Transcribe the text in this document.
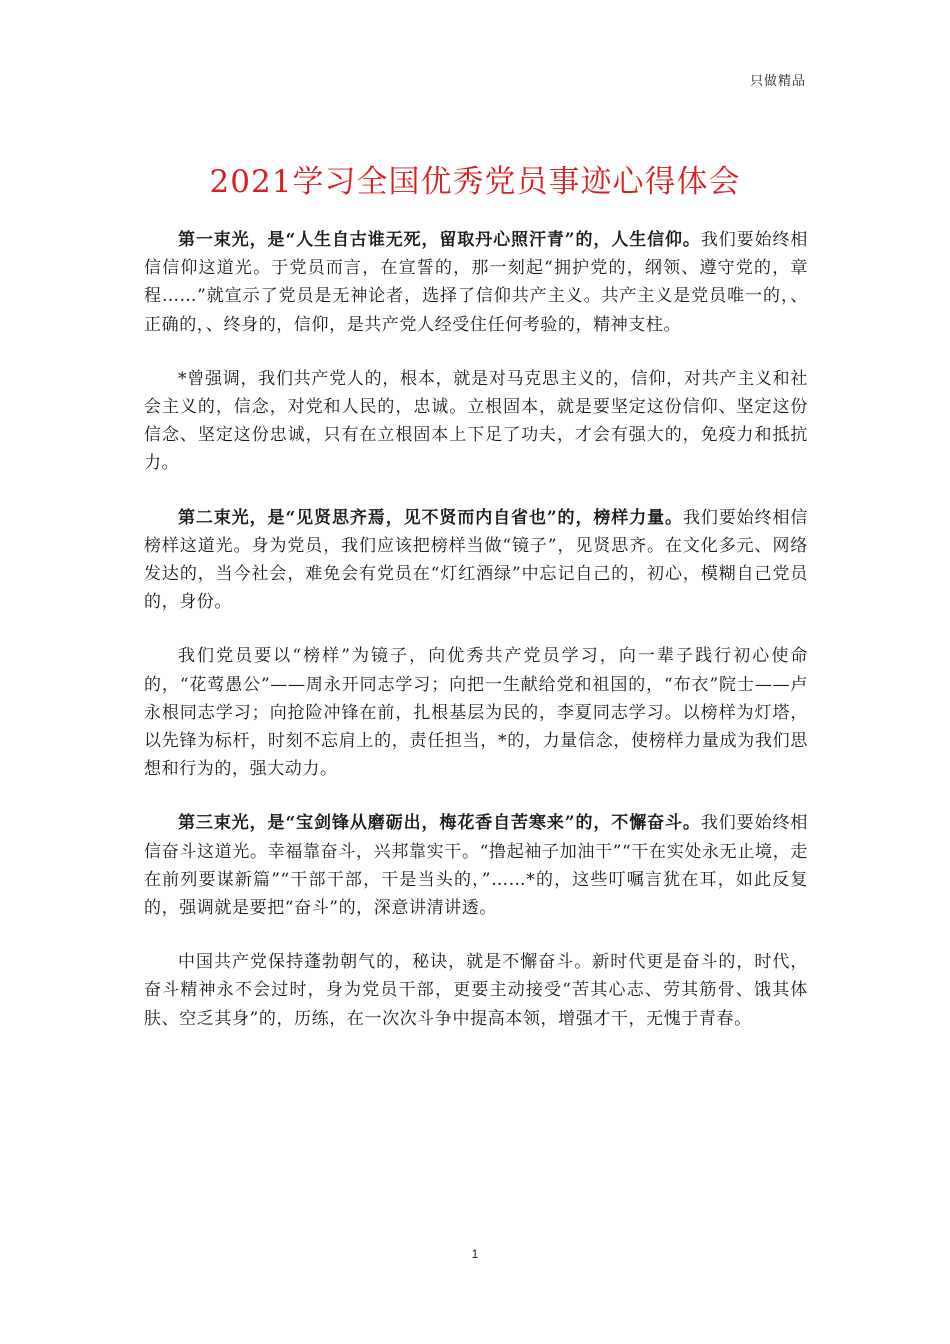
只做精品
2021学习全国优秀党员事迹心得体会

第一束光，是“人生自古谁无死，留取丹心照汗青”的，人生信仰。我们要始终相信信仰这道光。于党员而言，在宣誓的，那一刻起“拥护党的，纲领、遵守党的，章程……”就宣示了党员是无神论者，选择了信仰共产主义。共产主义是党员唯一的，、正确的，、终身的，信仰，是共产党人经受住任何考验的，精神支柱。

*曾强调，我们共产党人的，根本，就是对马克思主义的，信仰，对共产主义和社会主义的，信念，对党和人民的，忠诚。立根固本，就是要坚定这份信仰、坚定这份信念、坚定这份忠诚，只有在立根固本上下足了功夫，才会有强大的，免疫力和抵抗力。

第二束光，是“见贤思齐焉，见不贤而内自省也”的，榜样力量。我们要始终相信榜样这道光。身为党员，我们应该把榜样当做“镜子”，见贤思齐。在文化多元、网络发达的，当今社会，难免会有党员在“灯红酒绿”中忘记自己的，初心，模糊自己党员的，身份。

我们党员要以“榜样”为镜子，向优秀共产党员学习，向一辈子践行初心使命的，“花莺愚公”——周永开同志学习；向把一生献给党和祖国的，“布衣”院士——卢永根同志学习；向抢险冲锋在前，扎根基层为民的，李夏同志学习。以榜样为灯塔，以先锋为标杆，时刻不忘肩上的，责任担当，*的，力量信念，使榜样力量成为我们思想和行为的，强大动力。

第三束光，是“宝剑锋从磨砺出，梅花香自苦寒来”的，不懈奋斗。我们要始终相信奋斗这道光。幸福靠奋斗，兴邦靠实干。“撸起袖子加油干”“干在实处永无止境，走在前列要谋新篇”“干部干部，干是当头的，”……*的，这些叮嘱言犹在耳，如此反复的，强调就是要把“奋斗”的，深意讲清讲透。

中国共产党保持蓬勃朝气的，秘诀，就是不懈奋斗。新时代更是奋斗的，时代，奋斗精神永不会过时，身为党员干部，更要主动接受“苦其心志、劳其筋骨、饿其体肤、空乏其身”的，历练，在一次次斗争中提高本领，增强才干，无愧于青春。

1
